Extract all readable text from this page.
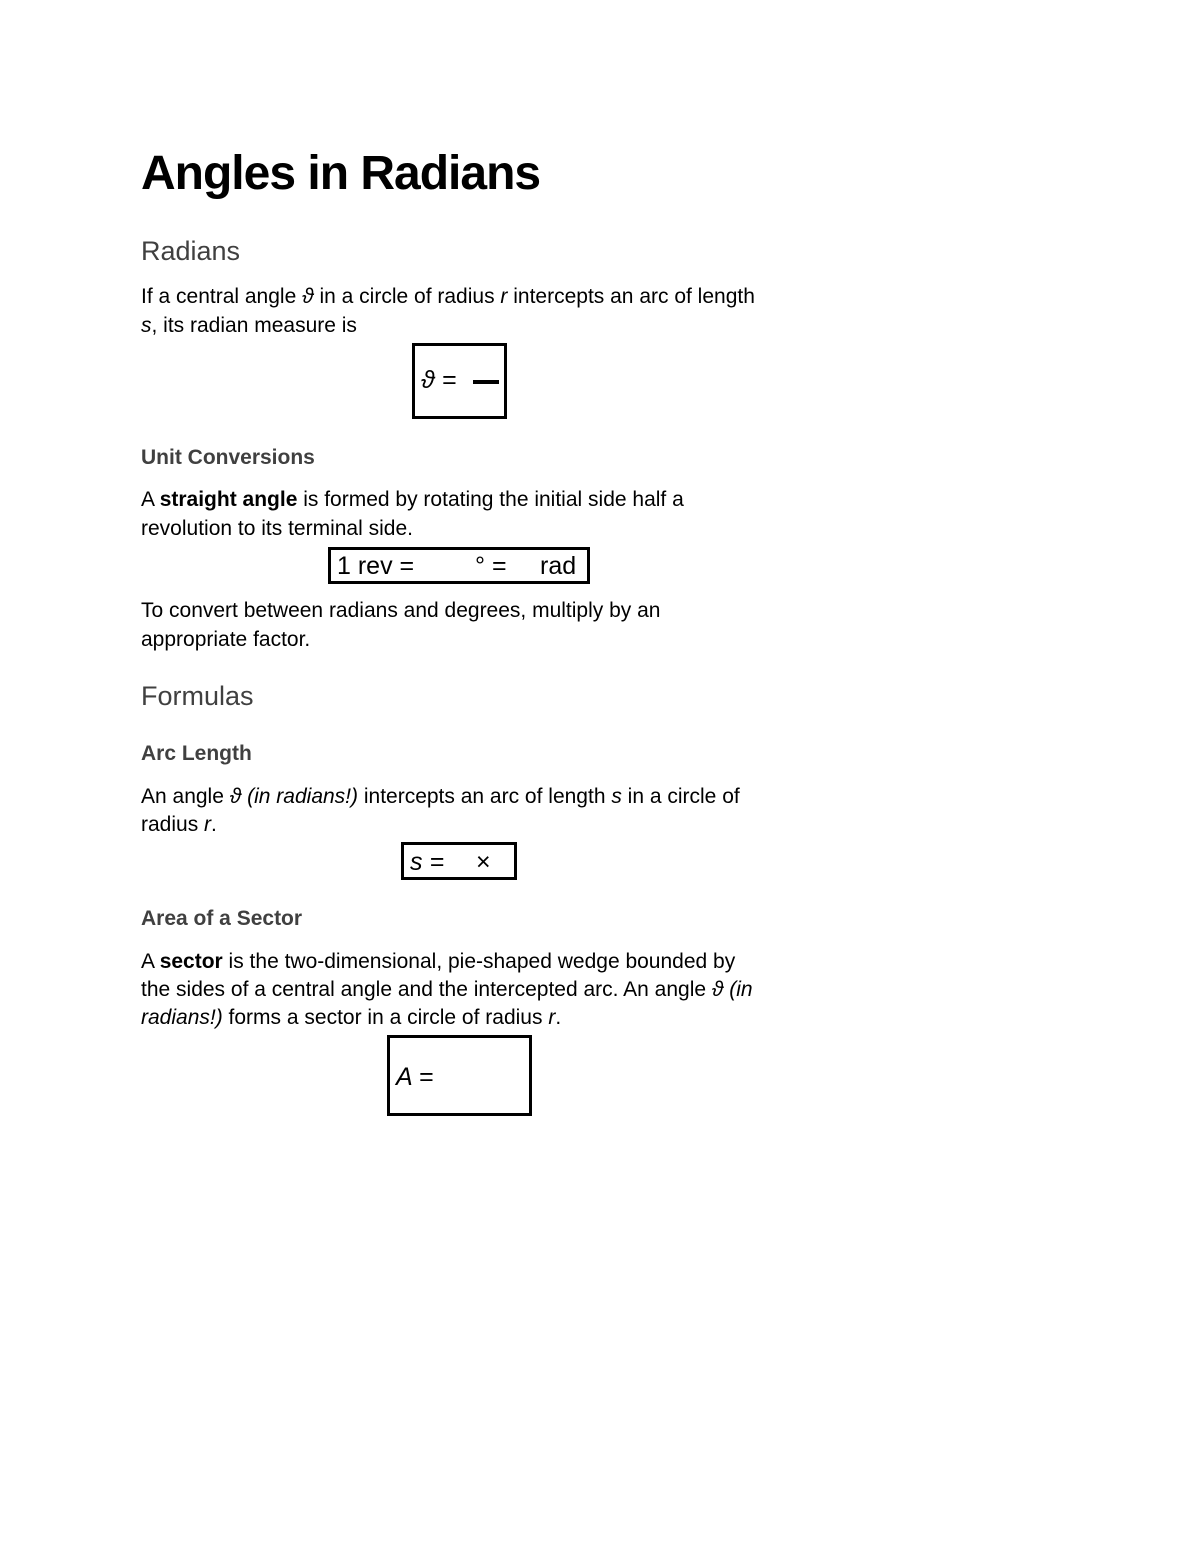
Angles in Radians
Radians

If a central angle ϑ in a circle of radius r intercepts an arc of length

s, its radian measure is

ϑ =
Unit Conversions

A straight angle is formed by rotating the initial side half a

revolution to its terminal side.

1 rev = ° = rad

To convert between radians and degrees, multiply by an

appropriate factor.

Formulas
Arc Length

An angle ϑ (in radians!) intercepts an arc of length s in a circle of

radius r.

s = ×
Area of a Sector

A sector is the two-dimensional, pie-shaped wedge bounded by

the sides of a central angle and the intercepted arc. An angle ϑ (in

radians!) forms a sector in a circle of radius r.

A =
